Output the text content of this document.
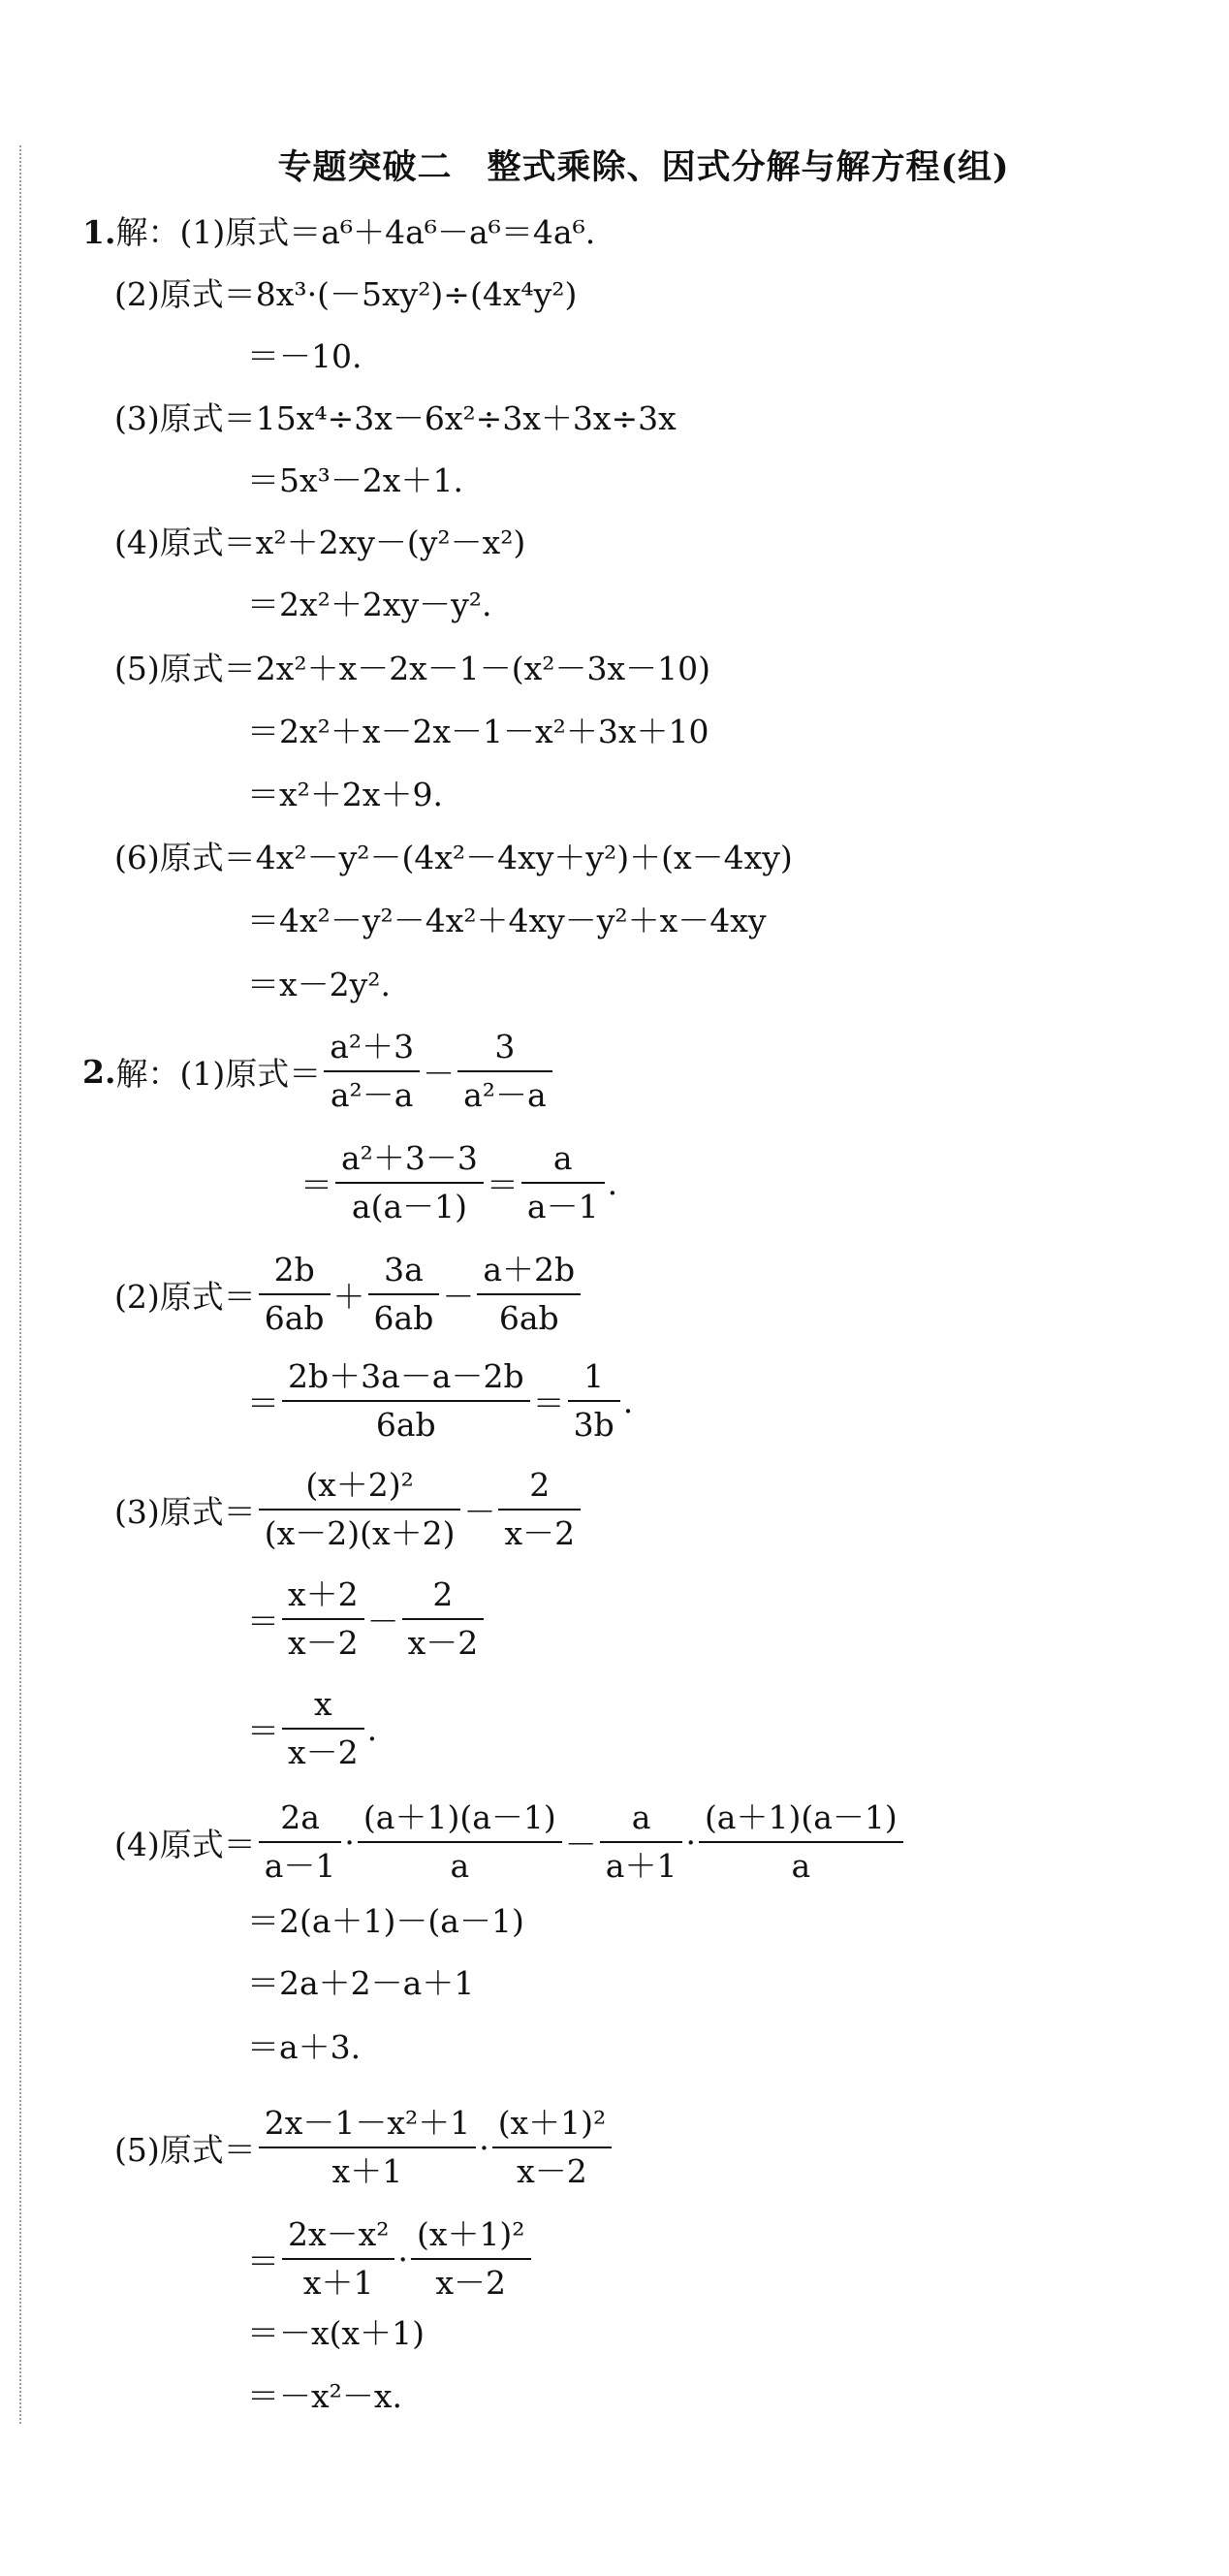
专题突破二　整式乘除、因式分解与解方程(组)
1.解：(1)原式＝a⁶＋4a⁶－a⁶＝4a⁶.
(2)原式＝8x³·(－5xy²)÷(4x⁴y²)
＝－10.
(3)原式＝15x⁴÷3x－6x²÷3x＋3x÷3x
＝5x³－2x＋1.
(4)原式＝x²＋2xy－(y²－x²)
＝2x²＋2xy－y².
(5)原式＝2x²＋x－2x－1－(x²－3x－10)
＝2x²＋x－2x－1－x²＋3x＋10
＝x²＋2x＋9.
(6)原式＝4x²－y²－(4x²－4xy＋y²)＋(x－4xy)
＝4x²－y²－4x²＋4xy－y²＋x－4xy
＝x－2y².
2. 解： (1)原式＝ $\frac{\text{a²＋3}}{\text{a²－a}} - \frac{3}{\text{a²－a}}$
＝ $\frac{\text{a²＋3－3}}{a(a-1)} = \frac{a}{a-1}$ .
(2)原式＝ $\frac{2b}{6ab} + \frac{3a}{6ab} - \frac{a+2b}{6ab}$
＝ $\frac{2b+3a-a-2b}{6ab} = \frac{1}{3b}$ .
(3)原式＝ $\frac{\text{(x＋2)²}}{(x-2)(x+2)} - \frac{2}{x-2}$
＝ $\frac{x+2}{x-2} - \frac{2}{x-2}$
＝ $\frac{x}{x-2}$ .
(4)原式＝ $\frac{2a}{a-1} \cdot \frac{(a+1)(a-1)}{a} - \frac{a}{a+1} \cdot \frac{(a+1)(a-1)}{a}$
＝2(a＋1)－(a－1)
＝2a＋2－a＋1
＝a＋3.
(5)原式＝ $\frac{\text{2x－1－x²＋1}}{x+1} \cdot \frac{\text{(x＋1)²}}{x-2}$
＝ $\frac{\text{2x－x²}}{x+1} \cdot \frac{\text{(x＋1)²}}{x-2}$
＝－x(x＋1)
＝－x²－x.
